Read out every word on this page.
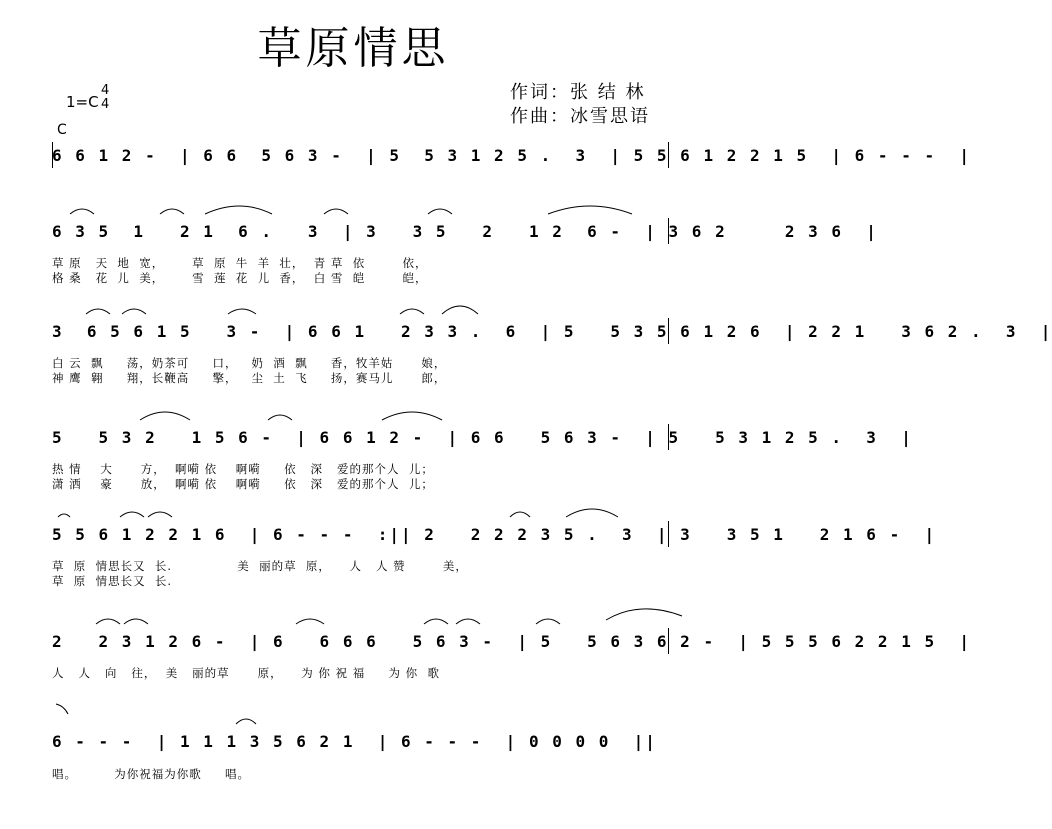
草原情思
1=C
4
4
作词：张 结 林
作曲：冰雪思语
C
6 6 1 2 -  | 6 6  5 6 3 -  | 5  5 3 1 2 5 .  3  | 5 5 6 1 2 2 1 5  | 6 - - -  |
6 3 5  1   2 1  6 .   3  | 3   3 5   2   1 2  6 -  | 3 6 2     2 3 6  |
草 原   天  地  宽，      草  原  牛  羊  壮，  青 草  依        依，
格 桑   花  儿  美，      雪  莲  花  儿  香，  白 雪  皑        皑，
3  6 5 6 1 5   3 -  | 6 6 1   2 3 3 .  6  | 5   5 3 5 6 1 2 6  | 2 2 1   3 6 2 .  3  |
白 云  飘     荡，奶茶可     口，   奶  酒  飘     香，牧羊姑      娘，
神 鹰  翱     翔，长鞭高     擎，   尘  土  飞     扬，赛马儿      郎，
5   5 3 2   1 5 6 -  | 6 6 1 2 -  | 6 6   5 6 3 -  | 5   5 3 1 2 5 .  3  |
热 情    大      方，  啊嗬 依    啊嗬     依   深   爱的那个人  儿；
潇 洒    豪      放，  啊嗬 依    啊嗬     依   深   爱的那个人  儿；
5 5 6 1 2 2 1 6  | 6 - - -  :|| 2   2 2 2 3 5 .  3  | 3   3 5 1   2 1 6 -  |
草  原  情思长又  长.              美  丽的草  原，    人   人 赞        美，
草  原  情思长又  长.
2   2 3 1 2 6 -  | 6   6 6 6   5 6 3 -  | 5   5 6 3 6 2 -  | 5 5 5 6 2 2 1 5  |
人   人   向   往，  美   丽的草      原，    为 你 祝 福     为 你  歌
6 - - -  | 1 1 1 3 5 6 2 1  | 6 - - -  | 0 0 0 0  ||
唱。        为你祝福为你歌     唱。
